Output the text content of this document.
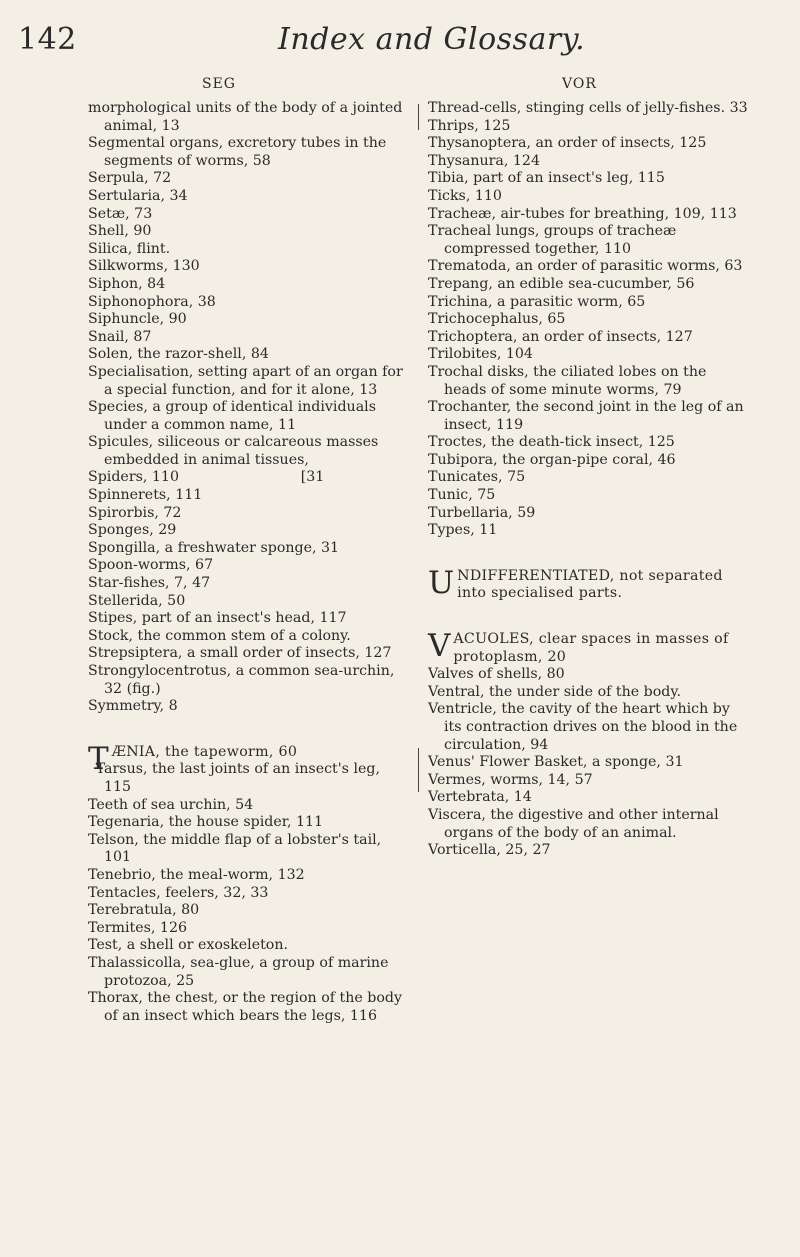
142	Index and Glossary.
SEG	VOR

morphological units of the body of a jointed animal, 13

Segmental organs, excretory tubes in the segments of worms, 58

Serpula, 72

Sertularia, 34

Setæ, 73

Shell, 90

Silica, flint.

Silkworms, 130

Siphon, 84

Siphonophora, 38

Siphuncle, 90

Snail, 87

Solen, the razor-shell, 84

Specialisation, setting apart of an organ for a special function, and for it alone, 13

Species, a group of identical individuals under a common name, 11

Spicules, siliceous or calcareous masses embedded in animal tissues,

Spiders, 110                           [31

Spinnerets, 111

Spirorbis, 72

Sponges, 29

Spongilla, a freshwater sponge, 31

Spoon-worms, 67

Star-fishes, 7, 47

Stellerida, 50

Stipes, part of an insect's head, 117

Stock, the common stem of a colony.

Strepsiptera, a small order of insects, 127

Strongylocentrotus, a common sea-urchin, 32 (fig.)

Symmetry, 8

TÆNIA, the tapeworm, 60

Tarsus, the last joints of an insect's leg, 115

Teeth of sea urchin, 54

Tegenaria, the house spider, 111

Telson, the middle flap of a lobster's tail, 101

Tenebrio, the meal-worm, 132

Tentacles, feelers, 32, 33

Terebratula, 80

Termites, 126

Test, a shell or exoskeleton.

Thalassicolla, sea-glue, a group of marine protozoa, 25

Thorax, the chest, or the region of the body of an insect which bears the legs, 116

Thread-cells, stinging cells of jelly-fishes. 33

Thrips, 125

Thysanoptera, an order of insects, 125

Thysanura, 124

Tibia, part of an insect's leg, 115

Ticks, 110

Tracheæ, air-tubes for breathing, 109, 113

Tracheal lungs, groups of tracheæ compressed together, 110

Trematoda, an order of parasitic worms, 63

Trepang, an edible sea-cucumber, 56

Trichina, a parasitic worm, 65

Trichocephalus, 65

Trichoptera, an order of insects, 127

Trilobites, 104

Trochal disks, the ciliated lobes on the heads of some minute worms, 79

Trochanter, the second joint in the leg of an insect, 119

Troctes, the death-tick insect, 125

Tubipora, the organ-pipe coral, 46

Tunicates, 75

Tunic, 75

Turbellaria, 59

Types, 11

UNDIFFERENTIATED, not separated into specialised parts.

VACUOLES, clear spaces in masses of protoplasm, 20

Valves of shells, 80

Ventral, the under side of the body.

Ventricle, the cavity of the heart which by its contraction drives on the blood in the circulation, 94

Venus' Flower Basket, a sponge, 31

Vermes, worms, 14, 57

Vertebrata, 14

Viscera, the digestive and other internal organs of the body of an animal.

Vorticella, 25, 27
